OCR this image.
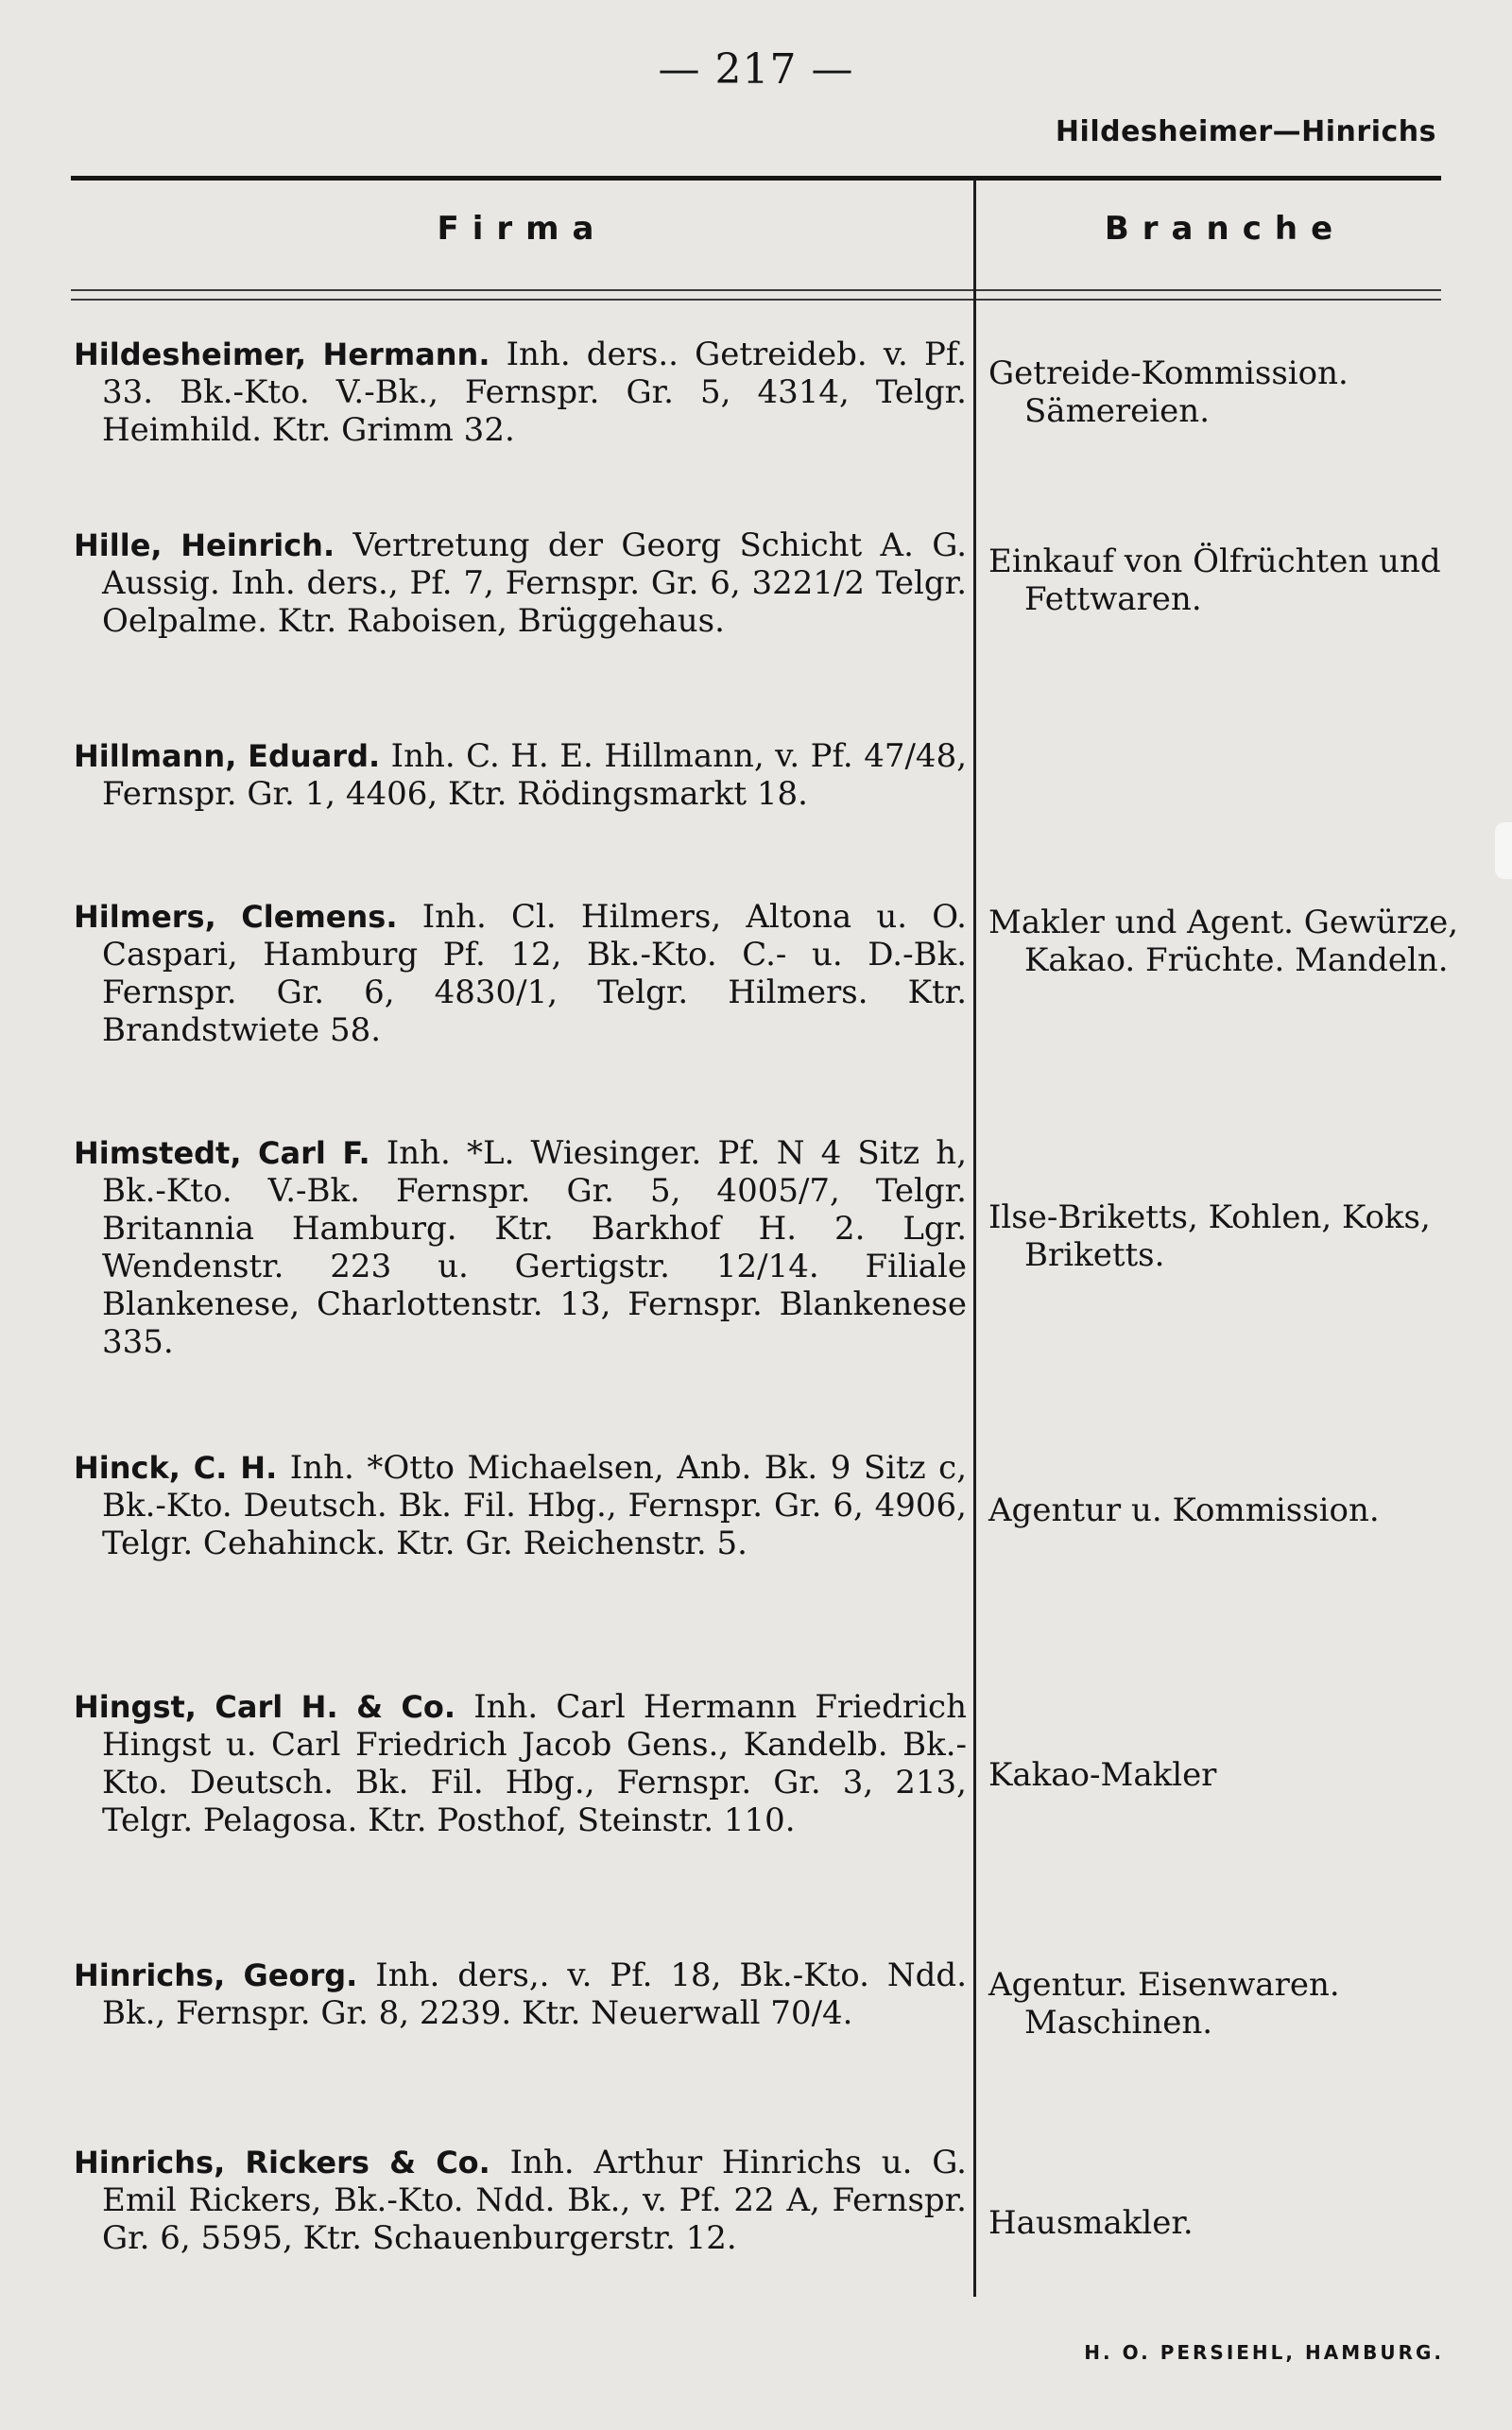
— 217 —
Hildesheimer—Hinrichs
Firma	Branche
Hildesheimer, Hermann. Inh. ders.. Getreideb. v. Pf. 33. Bk.-Kto. V.-Bk., Fernspr. Gr. 5, 4314, Telgr. Heimhild. Ktr. Grimm 32.
Getreide-Kommission. Sämereien.
Hille, Heinrich. Vertretung der Georg Schicht A. G. Aussig. Inh. ders., Pf. 7, Fernspr. Gr. 6, 3221/2 Telgr. Oelpalme. Ktr. Raboisen, Brüggehaus.
Einkauf von Ölfrüchten und Fettwaren.
Hillmann, Eduard. Inh. C. H. E. Hillmann, v. Pf. 47/48, Fernspr. Gr. 1, 4406, Ktr. Rödingsmarkt 18.
Hilmers, Clemens. Inh. Cl. Hilmers, Altona u. O. Caspari, Hamburg Pf. 12, Bk.-Kto. C.- u. D.-Bk. Fernspr. Gr. 6, 4830/1, Telgr. Hilmers. Ktr. Brandstwiete 58.
Makler und Agent. Gewürze, Kakao. Früchte. Mandeln.
Himstedt, Carl F. Inh. *L. Wiesinger. Pf. N 4 Sitz h, Bk.-Kto. V.-Bk. Fernspr. Gr. 5, 4005/7, Telgr. Britannia Hamburg. Ktr. Barkhof H. 2. Lgr. Wendenstr. 223 u. Gertigstr. 12/14. Filiale Blankenese, Charlottenstr. 13, Fernspr. Blankenese 335.
Ilse-Briketts, Kohlen, Koks, Briketts.
Hinck, C. H. Inh. *Otto Michaelsen, Anb. Bk. 9 Sitz c, Bk.-Kto. Deutsch. Bk. Fil. Hbg., Fernspr. Gr. 6, 4906, Telgr. Cehahinck. Ktr. Gr. Reichenstr. 5.
Agentur u. Kommission.
Hingst, Carl H. & Co. Inh. Carl Hermann Friedrich Hingst u. Carl Friedrich Jacob Gens., Kandelb. Bk.-Kto. Deutsch. Bk. Fil. Hbg., Fernspr. Gr. 3, 213, Telgr. Pelagosa. Ktr. Posthof, Steinstr. 110.
Kakao-Makler
Hinrichs, Georg. Inh. ders,. v. Pf. 18, Bk.-Kto. Ndd. Bk., Fernspr. Gr. 8, 2239. Ktr. Neuerwall 70/4.
Agentur. Eisenwaren. Maschinen.
Hinrichs, Rickers & Co. Inh. Arthur Hinrichs u. G. Emil Rickers, Bk.-Kto. Ndd. Bk., v. Pf. 22 A, Fernspr. Gr. 6, 5595, Ktr. Schauenburgerstr. 12.	Hausmakler.
H. O. PERSIEHL, HAMBURG.
